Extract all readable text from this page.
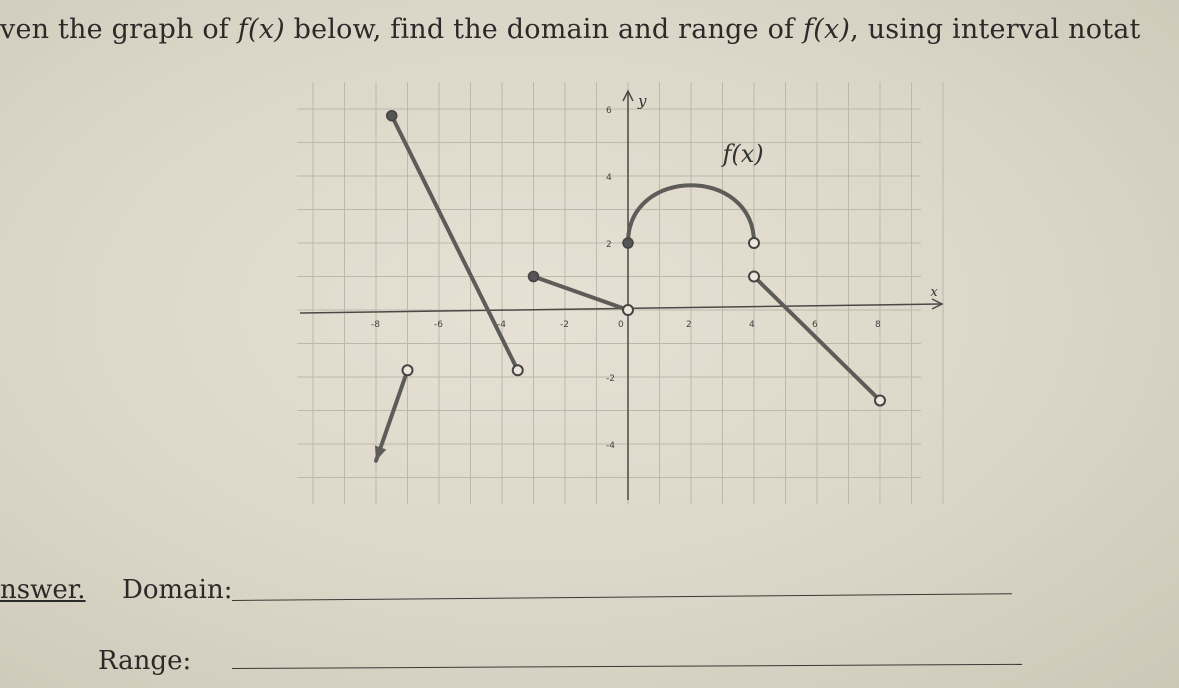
ven the graph of f(x) below, find the domain and range of f(x), using interval notat
-8	-6	-4	-2	0	2	4	6	8
6
4
2
-2
-4
y
x
f(x)
nswer. Domain:
Range:
